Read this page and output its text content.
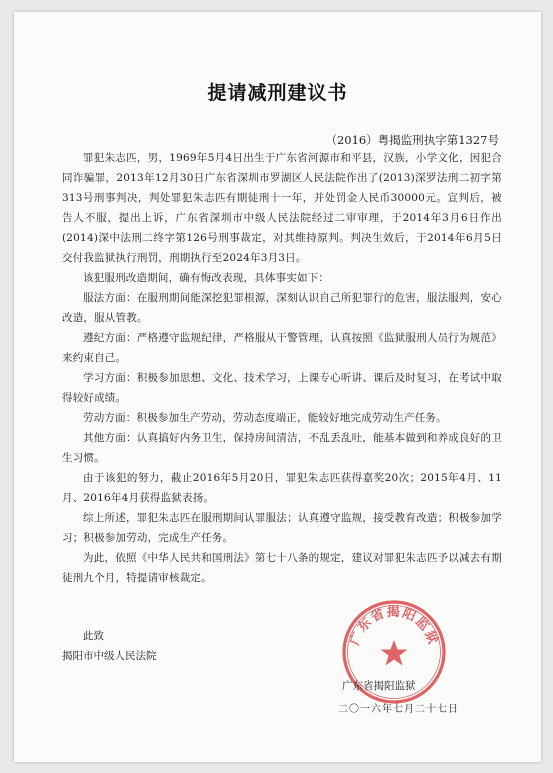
提请减刑建议书
（2016）粤揭监刑执字第1327号

罪犯朱志匹，男，1969年5月4日出生于广东省河源市和平县，汉族，小学文化，因犯合同诈骗罪，2013年12月30日广东省深圳市罗湖区人民法院作出了(2013)深罗法刑二初字第313号刑事判决，判处罪犯朱志匹有期徒刑十一年，并处罚金人民币30000元。宣判后，被告人不服，提出上诉，广东省深圳市中级人民法院经过二审审理，于2014年3月6日作出(2014)深中法刑二终字第126号刑事裁定，对其维持原判。判决生效后，于2014年6月5日交付我监狱执行刑罚，刑期执行至2024年3月3日。

该犯服刑改造期间，确有悔改表现，具体事实如下：

服法方面：在服刑期间能深挖犯罪根源，深刻认识自己所犯罪行的危害，服法服判，安心改造，服从管教。

遵纪方面：严格遵守监规纪律，严格服从干警管理，认真按照《监狱服刑人员行为规范》来约束自己。

学习方面：积极参加思想、文化、技术学习，上课专心听讲、课后及时复习，在考试中取得较好成绩。

劳动方面：积极参加生产劳动，劳动态度端正，能较好地完成劳动生产任务。

其他方面：认真搞好内务卫生，保持房间清洁，不乱丢乱吐，能基本做到和养成良好的卫生习惯。

由于该犯的努力，截止2016年5月20日，罪犯朱志匹获得嘉奖20次；2015年4月、11月、2016年4月获得监狱表扬。

综上所述，罪犯朱志匹在服刑期间认罪服法；认真遵守监规，接受教育改造；积极参加学习；积极参加劳动，完成生产任务。

为此，依照《中华人民共和国刑法》第七十八条的规定，建议对罪犯朱志匹予以减去有期徒刑九个月，特提请审核裁定。

此致
揭阳市中级人民法院
广东省揭阳监狱
广东省揭阳监狱
二〇一六年七月二十七日
